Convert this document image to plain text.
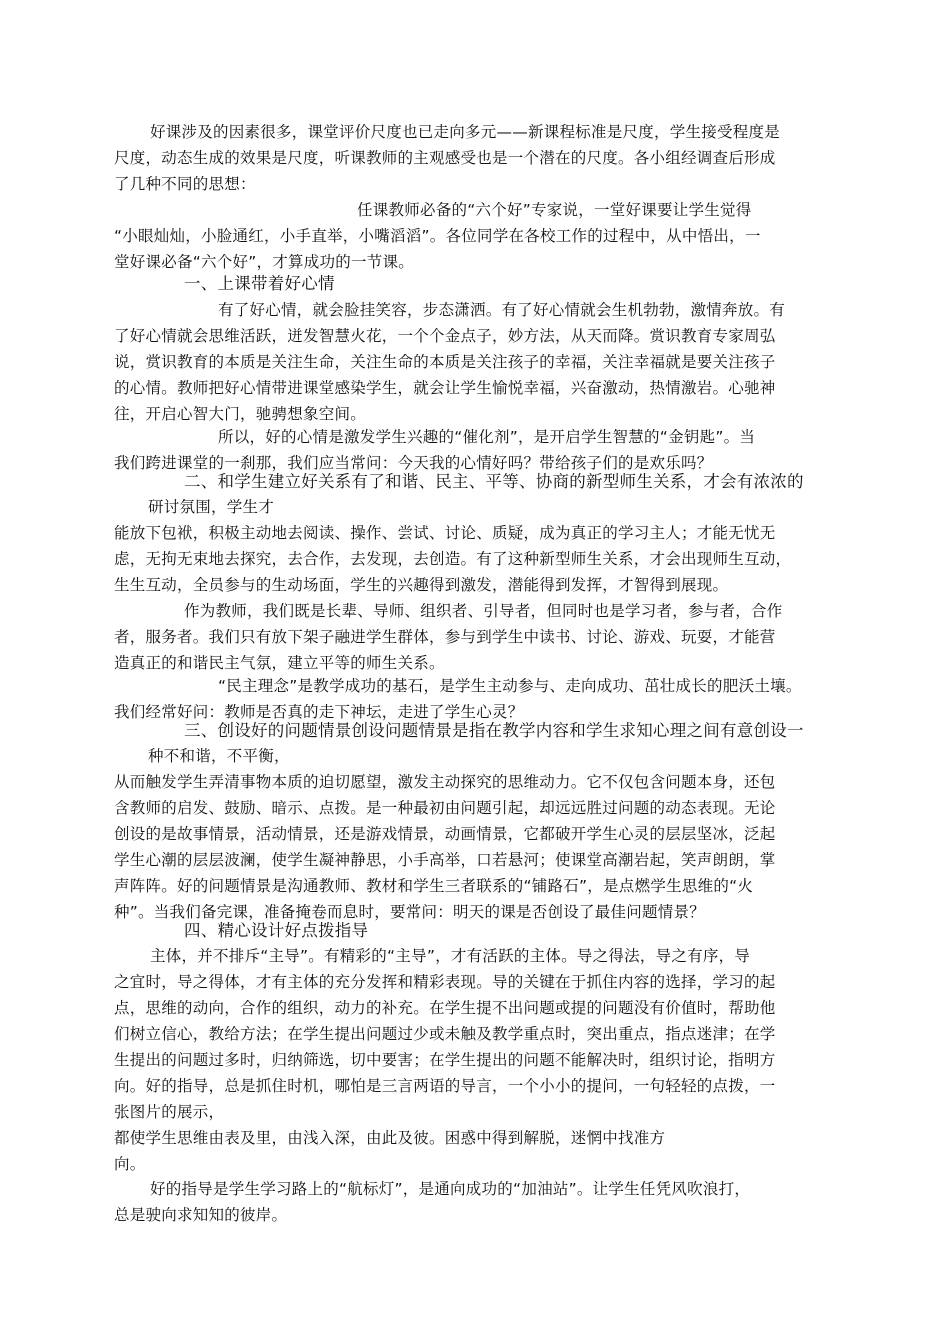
好课涉及的因素很多，课堂评价尺度也已走向多元——新课程标准是尺度，学生接受程度是
尺度，动态生成的效果是尺度，听课教师的主观感受也是一个潜在的尺度。各小组经调查后形成
了几种不同的思想：
任课教师必备的“六个好”专家说，一堂好课要让学生觉得
“小眼灿灿，小脸通红，小手直举，小嘴滔滔”。各位同学在各校工作的过程中，从中悟出，一
堂好课必备“六个好”，才算成功的一节课。
一、上课带着好心情
有了好心情，就会脸挂笑容，步态潇洒。有了好心情就会生机勃勃，激情奔放。有
了好心情就会思维活跃，迸发智慧火花，一个个金点子，妙方法，从天而降。赏识教育专家周弘
说，赏识教育的本质是关注生命，关注生命的本质是关注孩子的幸福，关注幸福就是要关注孩子
的心情。教师把好心情带进课堂感染学生，就会让学生愉悦幸福，兴奋激动，热情激岩。心驰神
往，开启心智大门，驰骋想象空间。
所以，好的心情是激发学生兴趣的“催化剂”，是开启学生智慧的“金钥匙”。当
我们跨进课堂的一刹那，我们应当常问：今天我的心情好吗？带给孩子们的是欢乐吗？
二、和学生建立好关系有了和谐、民主、平等、协商的新型师生关系，才会有浓浓的
研讨氛围，学生才
能放下包袱，积极主动地去阅读、操作、尝试、讨论、质疑，成为真正的学习主人；才能无忧无
虑，无拘无束地去探究，去合作，去发现，去创造。有了这种新型师生关系，才会出现师生互动，
生生互动，全员参与的生动场面，学生的兴趣得到激发，潜能得到发挥，才智得到展现。
作为教师，我们既是长辈、导师、组织者、引导者，但同时也是学习者，参与者，合作
者，服务者。我们只有放下架子融进学生群体，参与到学生中读书、讨论、游戏、玩耍，才能营
造真正的和谐民主气氛，建立平等的师生关系。
“民主理念”是教学成功的基石，是学生主动参与、走向成功、茁壮成长的肥沃土壤。
我们经常好问：教师是否真的走下神坛，走进了学生心灵？
三、创设好的问题情景创设问题情景是指在教学内容和学生求知心理之间有意创设一
种不和谐，不平衡，
从而触发学生弄清事物本质的迫切愿望，激发主动探究的思维动力。它不仅包含问题本身，还包
含教师的启发、鼓励、暗示、点拨。是一种最初由问题引起，却远远胜过问题的动态表现。无论
创设的是故事情景，活动情景，还是游戏情景，动画情景，它都破开学生心灵的层层坚冰，泛起
学生心潮的层层波澜，使学生凝神静思，小手高举，口若悬河；使课堂高潮岩起，笑声朗朗，掌
声阵阵。好的问题情景是沟通教师、教材和学生三者联系的“铺路石”，是点燃学生思维的“火
种”。当我们备完课，准备掩卷而息时，要常问：明天的课是否创设了最佳问题情景？
四、精心设计好点拨指导
主体，并不排斥“主导”。有精彩的“主导”，才有活跃的主体。导之得法，导之有序，导
之宜时，导之得体，才有主体的充分发挥和精彩表现。导的关键在于抓住内容的选择，学习的起
点，思维的动向，合作的组织，动力的补充。在学生提不出问题或提的问题没有价值时，帮助他
们树立信心，教给方法；在学生提出问题过少或未触及教学重点时，突出重点，指点迷津；在学
生提出的问题过多时，归纳筛选，切中要害；在学生提出的问题不能解决时，组织讨论，指明方
向。好的指导，总是抓住时机，哪怕是三言两语的导言，一个小小的提问，一句轻轻的点拨，一
张图片的展示，
都使学生思维由表及里，由浅入深，由此及彼。困惑中得到解脱，迷惘中找准方
向。
好的指导是学生学习路上的“航标灯”，是通向成功的“加油站”。让学生任凭风吹浪打，
总是驶向求知知的彼岸。
